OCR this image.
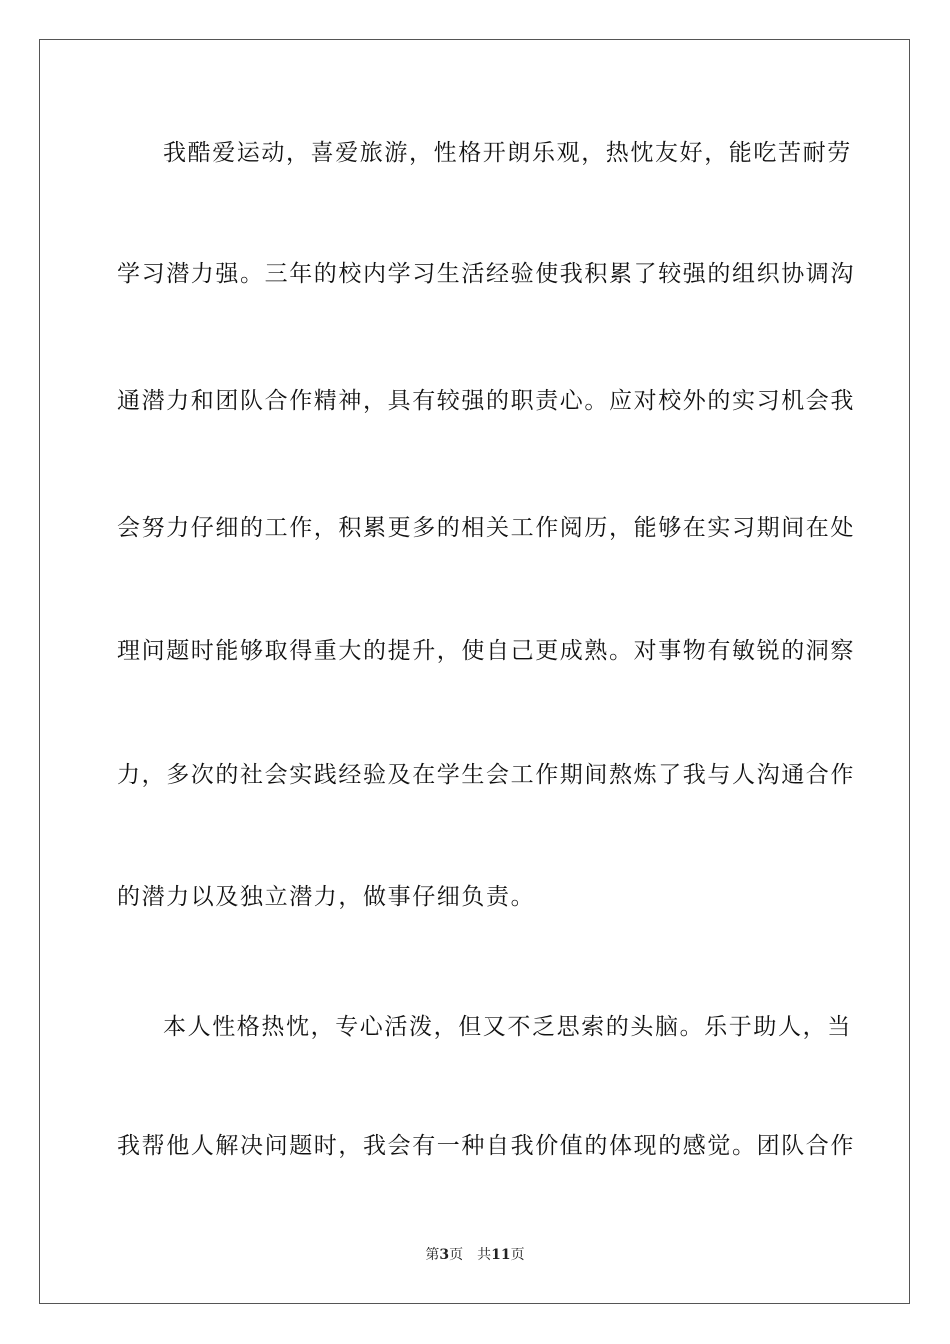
我酷爱运动，喜爱旅游，性格开朗乐观，热忱友好，能吃苦耐劳
学习潜力强。三年的校内学习生活经验使我积累了较强的组织协调沟
通潜力和团队合作精神，具有较强的职责心。应对校外的实习机会我
会努力仔细的工作，积累更多的相关工作阅历，能够在实习期间在处
理问题时能够取得重大的提升，使自己更成熟。对事物有敏锐的洞察
力，多次的社会实践经验及在学生会工作期间熬炼了我与人沟通合作
的潜力以及独立潜力，做事仔细负责。
本人性格热忱，专心活泼，但又不乏思索的头脑。乐于助人，当
我帮他人解决问题时，我会有一种自我价值的体现的感觉。团队合作
第3页 共11页
